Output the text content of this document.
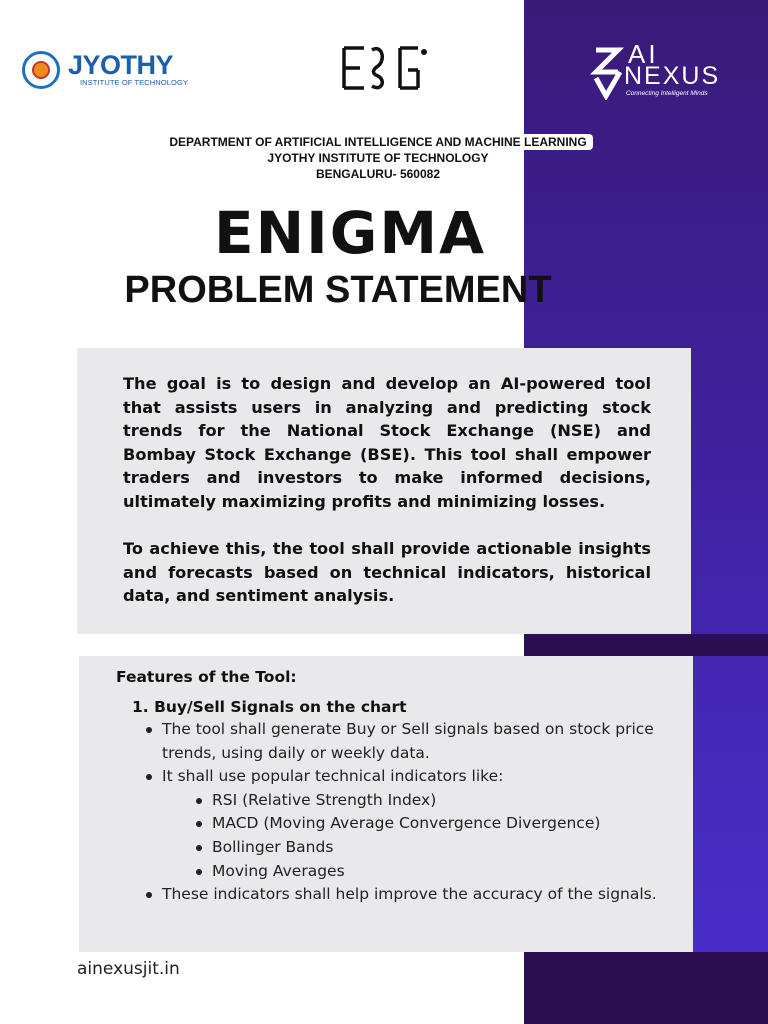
JYOTHY
INSTITUTE OF TECHNOLOGY
AI
NEXUS
Connecting Intelligent Minds
DEPARTMENT OF ARTIFICIAL INTELLIGENCE AND MACHINE LEARNING
JYOTHY INSTITUTE OF TECHNOLOGY
BENGALURU- 560082
ENIGMA
PROBLEM STATEMENT

The goal is to design and develop an AI-powered tool that assists users in analyzing and predicting stock trends for the National Stock Exchange (NSE) and Bombay Stock Exchange (BSE). This tool shall empower traders and investors to make informed decisions, ultimately maximizing profits and minimizing losses.

To achieve this, the tool shall provide actionable insights and forecasts based on technical indicators, historical data, and sentiment analysis.

Features of the Tool:
1. Buy/Sell Signals on the chart
The tool shall generate Buy or Sell signals based on stock price trends, using daily or weekly data.
It shall use popular technical indicators like:
RSI (Relative Strength Index)
MACD (Moving Average Convergence Divergence)
Bollinger Bands
Moving Averages
These indicators shall help improve the accuracy of the signals.
ainexusjit.in
